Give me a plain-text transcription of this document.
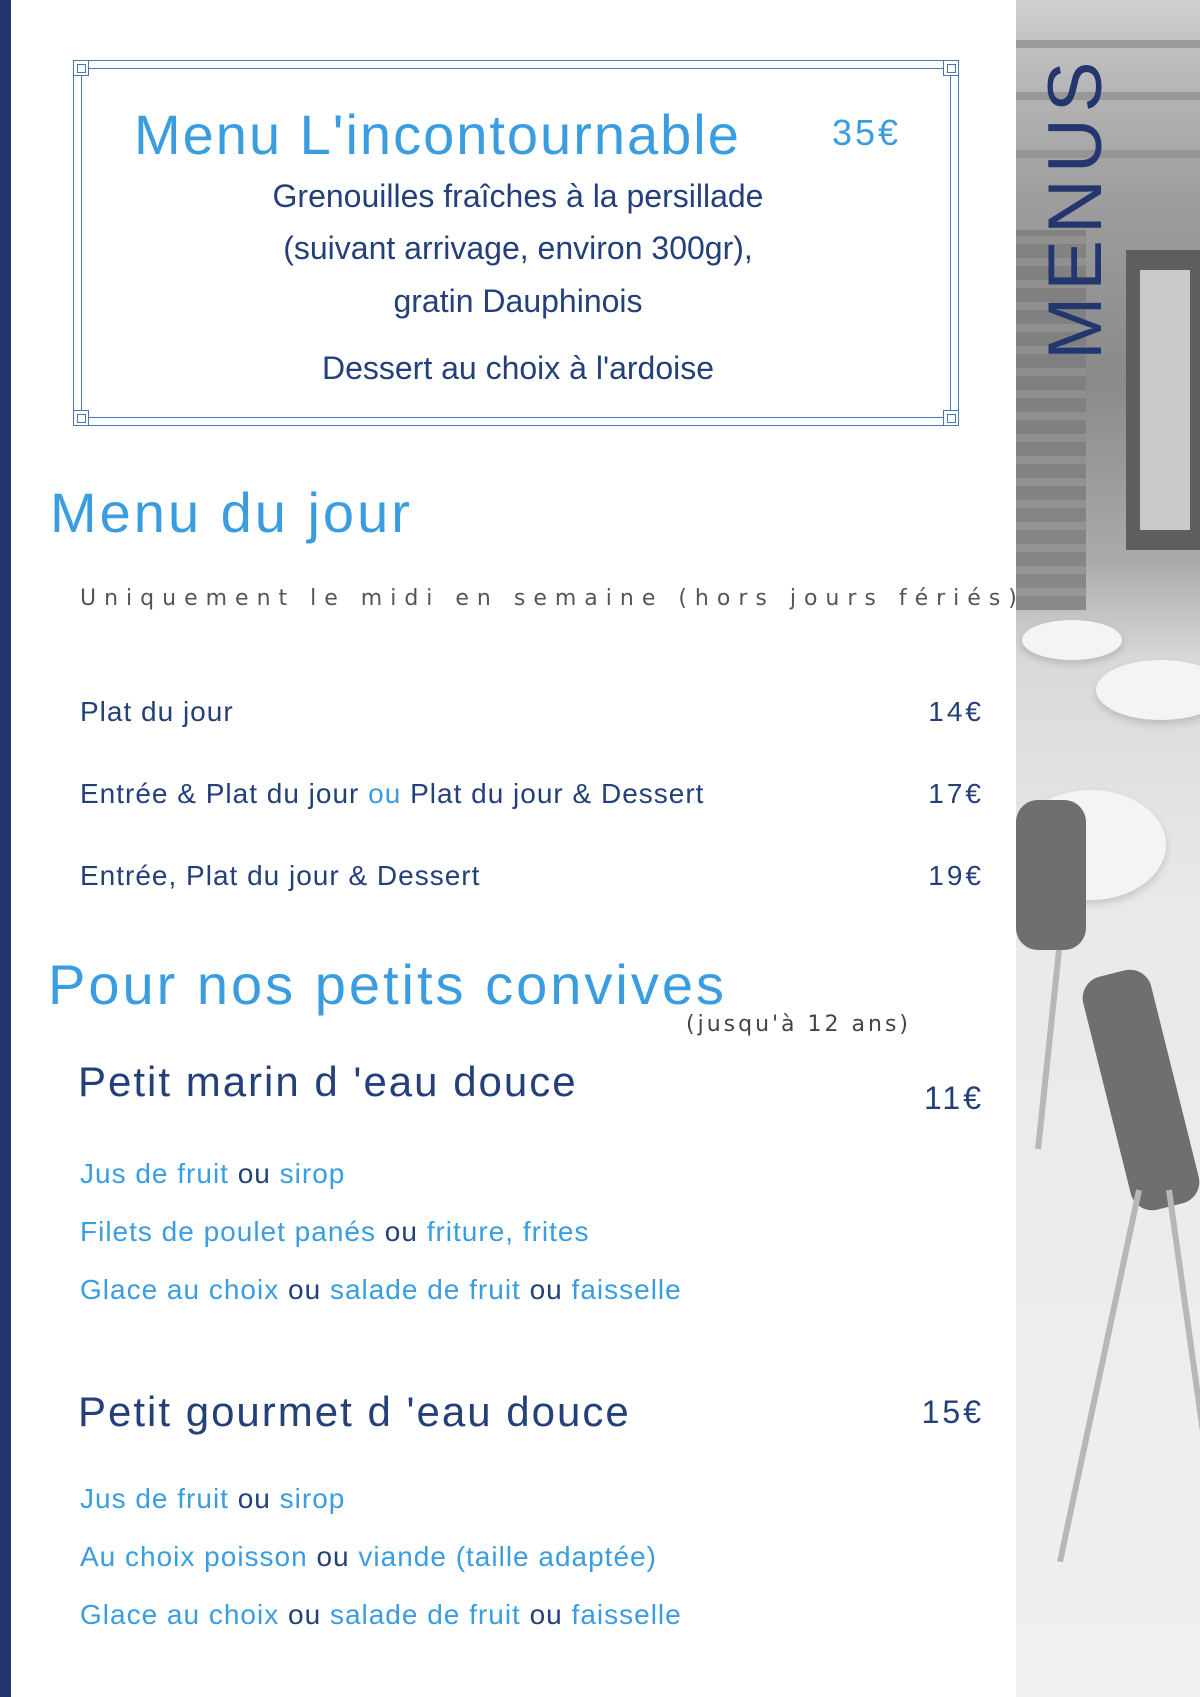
MENUS
Menu L'incontournable	35€
Grenouilles fraîches à la persillade
(suivant arrivage, environ 300gr),
gratin Dauphinois
Dessert au choix à l'ardoise
Menu du jour
Uniquement le midi en semaine (hors jours fériés)
Plat du jour	14€
Entrée & Plat du jour ou Plat du jour & Dessert	17€
Entrée, Plat du jour & Dessert	19€
Pour nos petits convives
(jusqu'à 12 ans)
Petit marin d 'eau douce	11€
Jus de fruit ou sirop
Filets de poulet panés ou friture, frites
Glace au choix ou salade de fruit ou faisselle
Petit gourmet d 'eau douce	15€
Jus de fruit ou sirop
Au choix poisson ou viande (taille adaptée)
Glace au choix ou salade de fruit ou faisselle
